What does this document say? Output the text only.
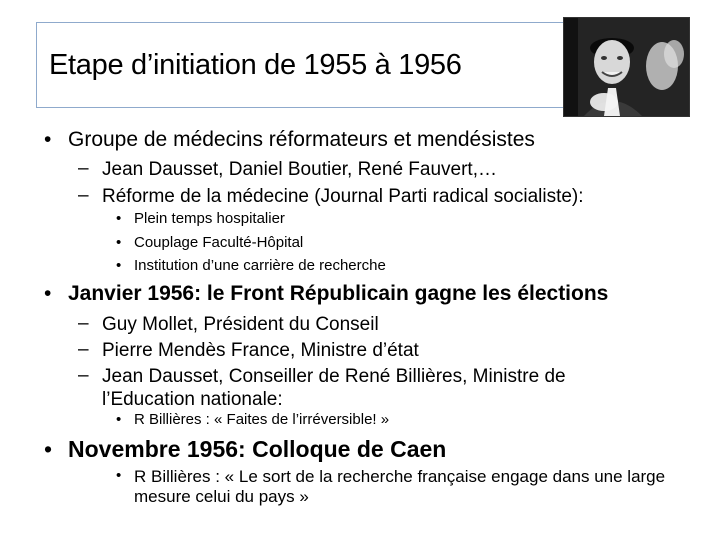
Etape d’initiation de 1955 à 1956
• Groupe de médecins réformateurs et mendésistes
– Jean Dausset, Daniel Boutier, René Fauvert,…
– Réforme de la médecine (Journal Parti radical socialiste):
• Plein temps hospitalier
• Couplage Faculté-Hôpital
• Institution d’une carrière de recherche
• Janvier 1956: le Front Républicain gagne les élections
– Guy Mollet, Président du Conseil
– Pierre Mendès France, Ministre d’état
– Jean Dausset, Conseiller de René Billières, Ministre de l’Education nationale:
• R Billières : « Faites de l’irréversible! »
• Novembre 1956: Colloque de Caen
• R Billières : « Le sort de la recherche française engage dans une large mesure celui du pays »
